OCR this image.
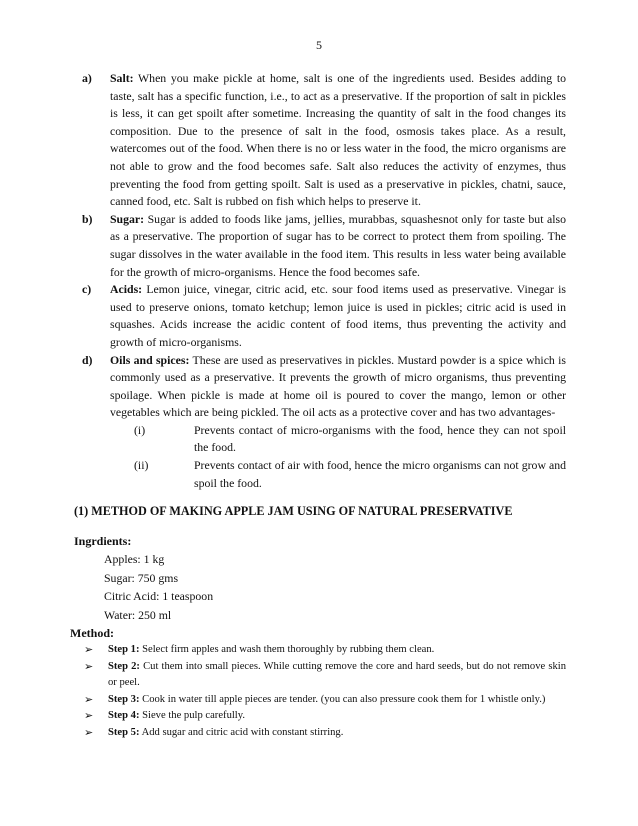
5
a)	Salt: When you make pickle at home, salt is one of the ingredients used. Besides adding to taste, salt has a specific function, i.e., to act as a preservative. If the proportion of salt in pickles is less, it can get spoilt after sometime. Increasing the quantity of salt in the food changes its composition. Due to the presence of salt in the food, osmosis takes place. As a result, watercomes out of the food. When there is no or less water in the food, the micro organisms are not able to grow and the food becomes safe. Salt also reduces the activity of enzymes, thus preventing the food from getting spoilt. Salt is used as a preservative in pickles, chatni, sauce, canned food, etc. Salt is rubbed on fish which helps to preserve it.
b)	Sugar: Sugar is added to foods like jams, jellies, murabbas, squashesnot only for taste but also as a preservative. The proportion of sugar has to be correct to protect them from spoiling. The sugar dissolves in the water available in the food item. This results in less water being available for the growth of micro-organisms. Hence the food becomes safe.
c)	Acids: Lemon juice, vinegar, citric acid, etc. sour food items used as preservative. Vinegar is used to preserve onions, tomato ketchup; lemon juice is used in pickles; citric acid is used in squashes. Acids increase the acidic content of food items, thus preventing the activity and growth of micro-organisms.
d)	Oils and spices: These are used as preservatives in pickles. Mustard powder is a spice which is commonly used as a preservative. It prevents the growth of micro organisms, thus preventing spoilage. When pickle is made at home oil is poured to cover the mango, lemon or other vegetables which are being pickled. The oil acts as a protective cover and has two advantages-
(i)	Prevents contact of micro-organisms with the food, hence they can not spoil the food.
(ii)	Prevents contact of air with food, hence the micro organisms can not grow and spoil the food.
(1) METHOD OF MAKING APPLE JAM USING OF NATURAL PRESERVATIVE
Ingrdients:
Apples: 1 kg
Sugar: 750 gms
Citric Acid: 1 teaspoon
Water: 250 ml
Method:
➢	Step 1: Select firm apples and wash them thoroughly by rubbing them clean.
➢	Step 2: Cut them into small pieces. While cutting remove the core and hard seeds, but do not remove skin or peel.
➢	Step 3: Cook in water till apple pieces are tender. (you can also pressure cook them for 1 whistle only.)
➢	Step 4: Sieve the pulp carefully.
➢	Step 5: Add sugar and citric acid with constant stirring.
